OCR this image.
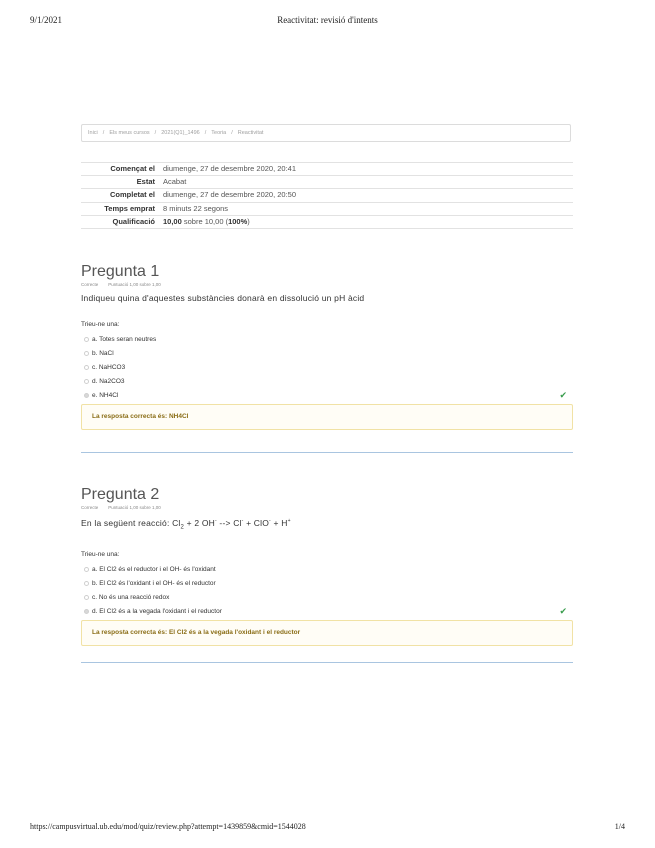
9/1/2021	Reactivitat: revisió d'intents
Inici / Els meus cursos / 2021(Q1)_1496 / Teoria / Reactivitat
Començat el	diumenge, 27 de desembre 2020, 20:41
Estat	Acabat
Completat el	diumenge, 27 de desembre 2020, 20:50
Temps emprat	8 minuts 22 segons
Qualificació	10,00 sobre 10,00 (100%)
Pregunta 1
Correcte Puntuació 1,00 sobre 1,00
Indiqueu quina d'aquestes substàncies donarà en dissolució un pH àcid
Trieu-ne una:
a. Totes seran neutres
b. NaCl
c. NaHCO3
d. Na2CO3
e. NH4Cl	✔
La resposta correcta és: NH4Cl
Pregunta 2
Correcte Puntuació 1,00 sobre 1,00
En la següent reacció: $Cl_2 + 2$ OH- --> Cl- + ClO- + H+
Trieu-ne una:
a. El Cl2 és el reductor i el OH- és l'oxidant
b. El Cl2 és l'oxidant i el OH- és el reductor
c. No és una reacció redox
d. El Cl2 és a la vegada l'oxidant i el reductor	✔
La resposta correcta és: El Cl2 és a la vegada l'oxidant i el reductor
https://campusvirtual.ub.edu/mod/quiz/review.php?attempt=1439859&cmid=1544028	1/4
